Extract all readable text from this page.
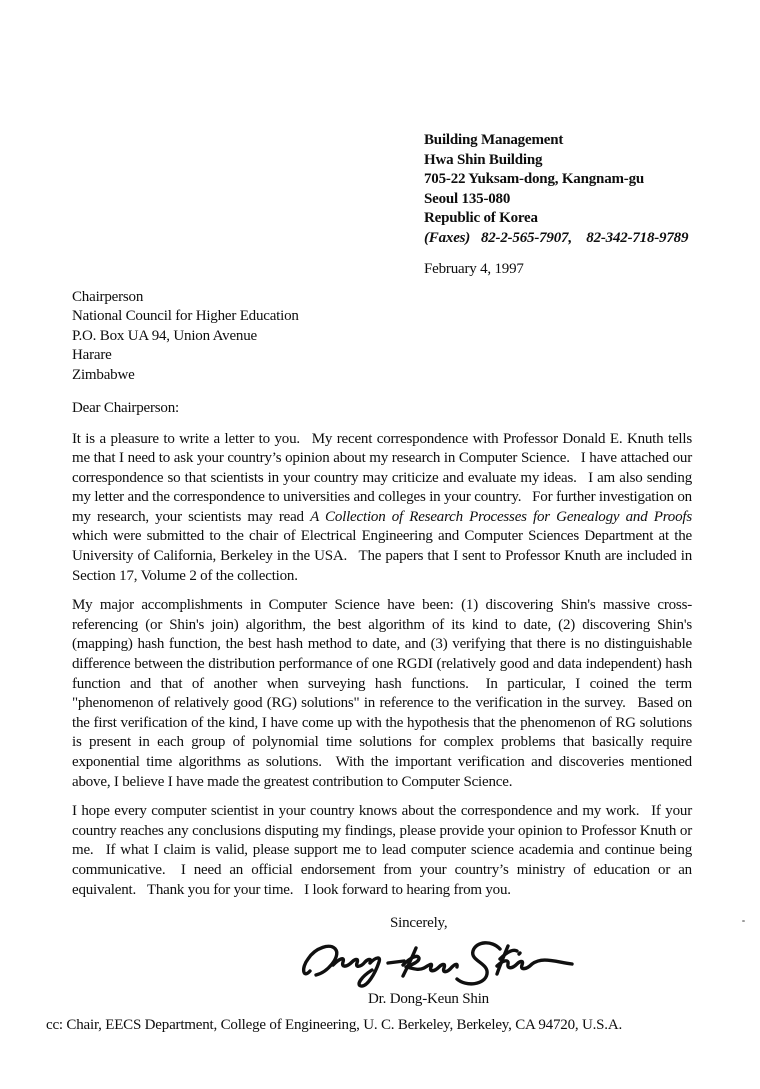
Building Management
Hwa Shin Building
705-22 Yuksam-dong, Kangnam-gu
Seoul 135-080
Republic of Korea
(Faxes)  82-2-565-7907,   82-342-718-9789
February 4, 1997
Chairperson
National Council for Higher Education
P.O. Box UA 94, Union Avenue
Harare
Zimbabwe
Dear Chairperson:

It is a pleasure to write a letter to you.  My recent correspondence with Professor Donald E. Knuth tells me that I need to ask your country’s opinion about my research in Computer Science.  I have attached our correspondence so that scientists in your country may criticize and evaluate my ideas.  I am also sending my letter and the correspondence to universities and colleges in your country.  For further investigation on my research, your scientists may read A Collection of Research Processes for Genealogy and Proofs which were submitted to the chair of Electrical Engineering and Computer Sciences Department at the University of California, Berkeley in the USA.  The papers that I sent to Professor Knuth are included in Section 17, Volume 2 of the collection.

My major accomplishments in Computer Science have been: (1) discovering Shin's massive cross-referencing (or Shin's join) algorithm, the best algorithm of its kind to date, (2) discovering Shin's (mapping) hash function, the best hash method to date, and (3) verifying that there is no distinguishable difference between the distribution performance of one RGDI (relatively good and data independent) hash function and that of another when surveying hash functions.  In particular, I coined the term "phenomenon of relatively good (RG) solutions" in reference to the verification in the survey.  Based on the first verification of the kind, I have come up with the hypothesis that the phenomenon of RG solutions is present in each group of polynomial time solutions for complex problems that basically require exponential time algorithms as solutions.  With the important verification and discoveries mentioned above, I believe I have made the greatest contribution to Computer Science.

I hope every computer scientist in your country knows about the correspondence and my work.  If your country reaches any conclusions disputing my findings, please provide your opinion to Professor Knuth or me.  If what I claim is valid, please support me to lead computer science academia and continue being communicative.  I need an official endorsement from your country’s ministry of education or an equivalent.  Thank you for your time.  I look forward to hearing from you.

Sincerely,
Dr. Dong-Keun Shin
cc: Chair, EECS Department, College of Engineering, U. C. Berkeley, Berkeley, CA 94720, U.S.A.
